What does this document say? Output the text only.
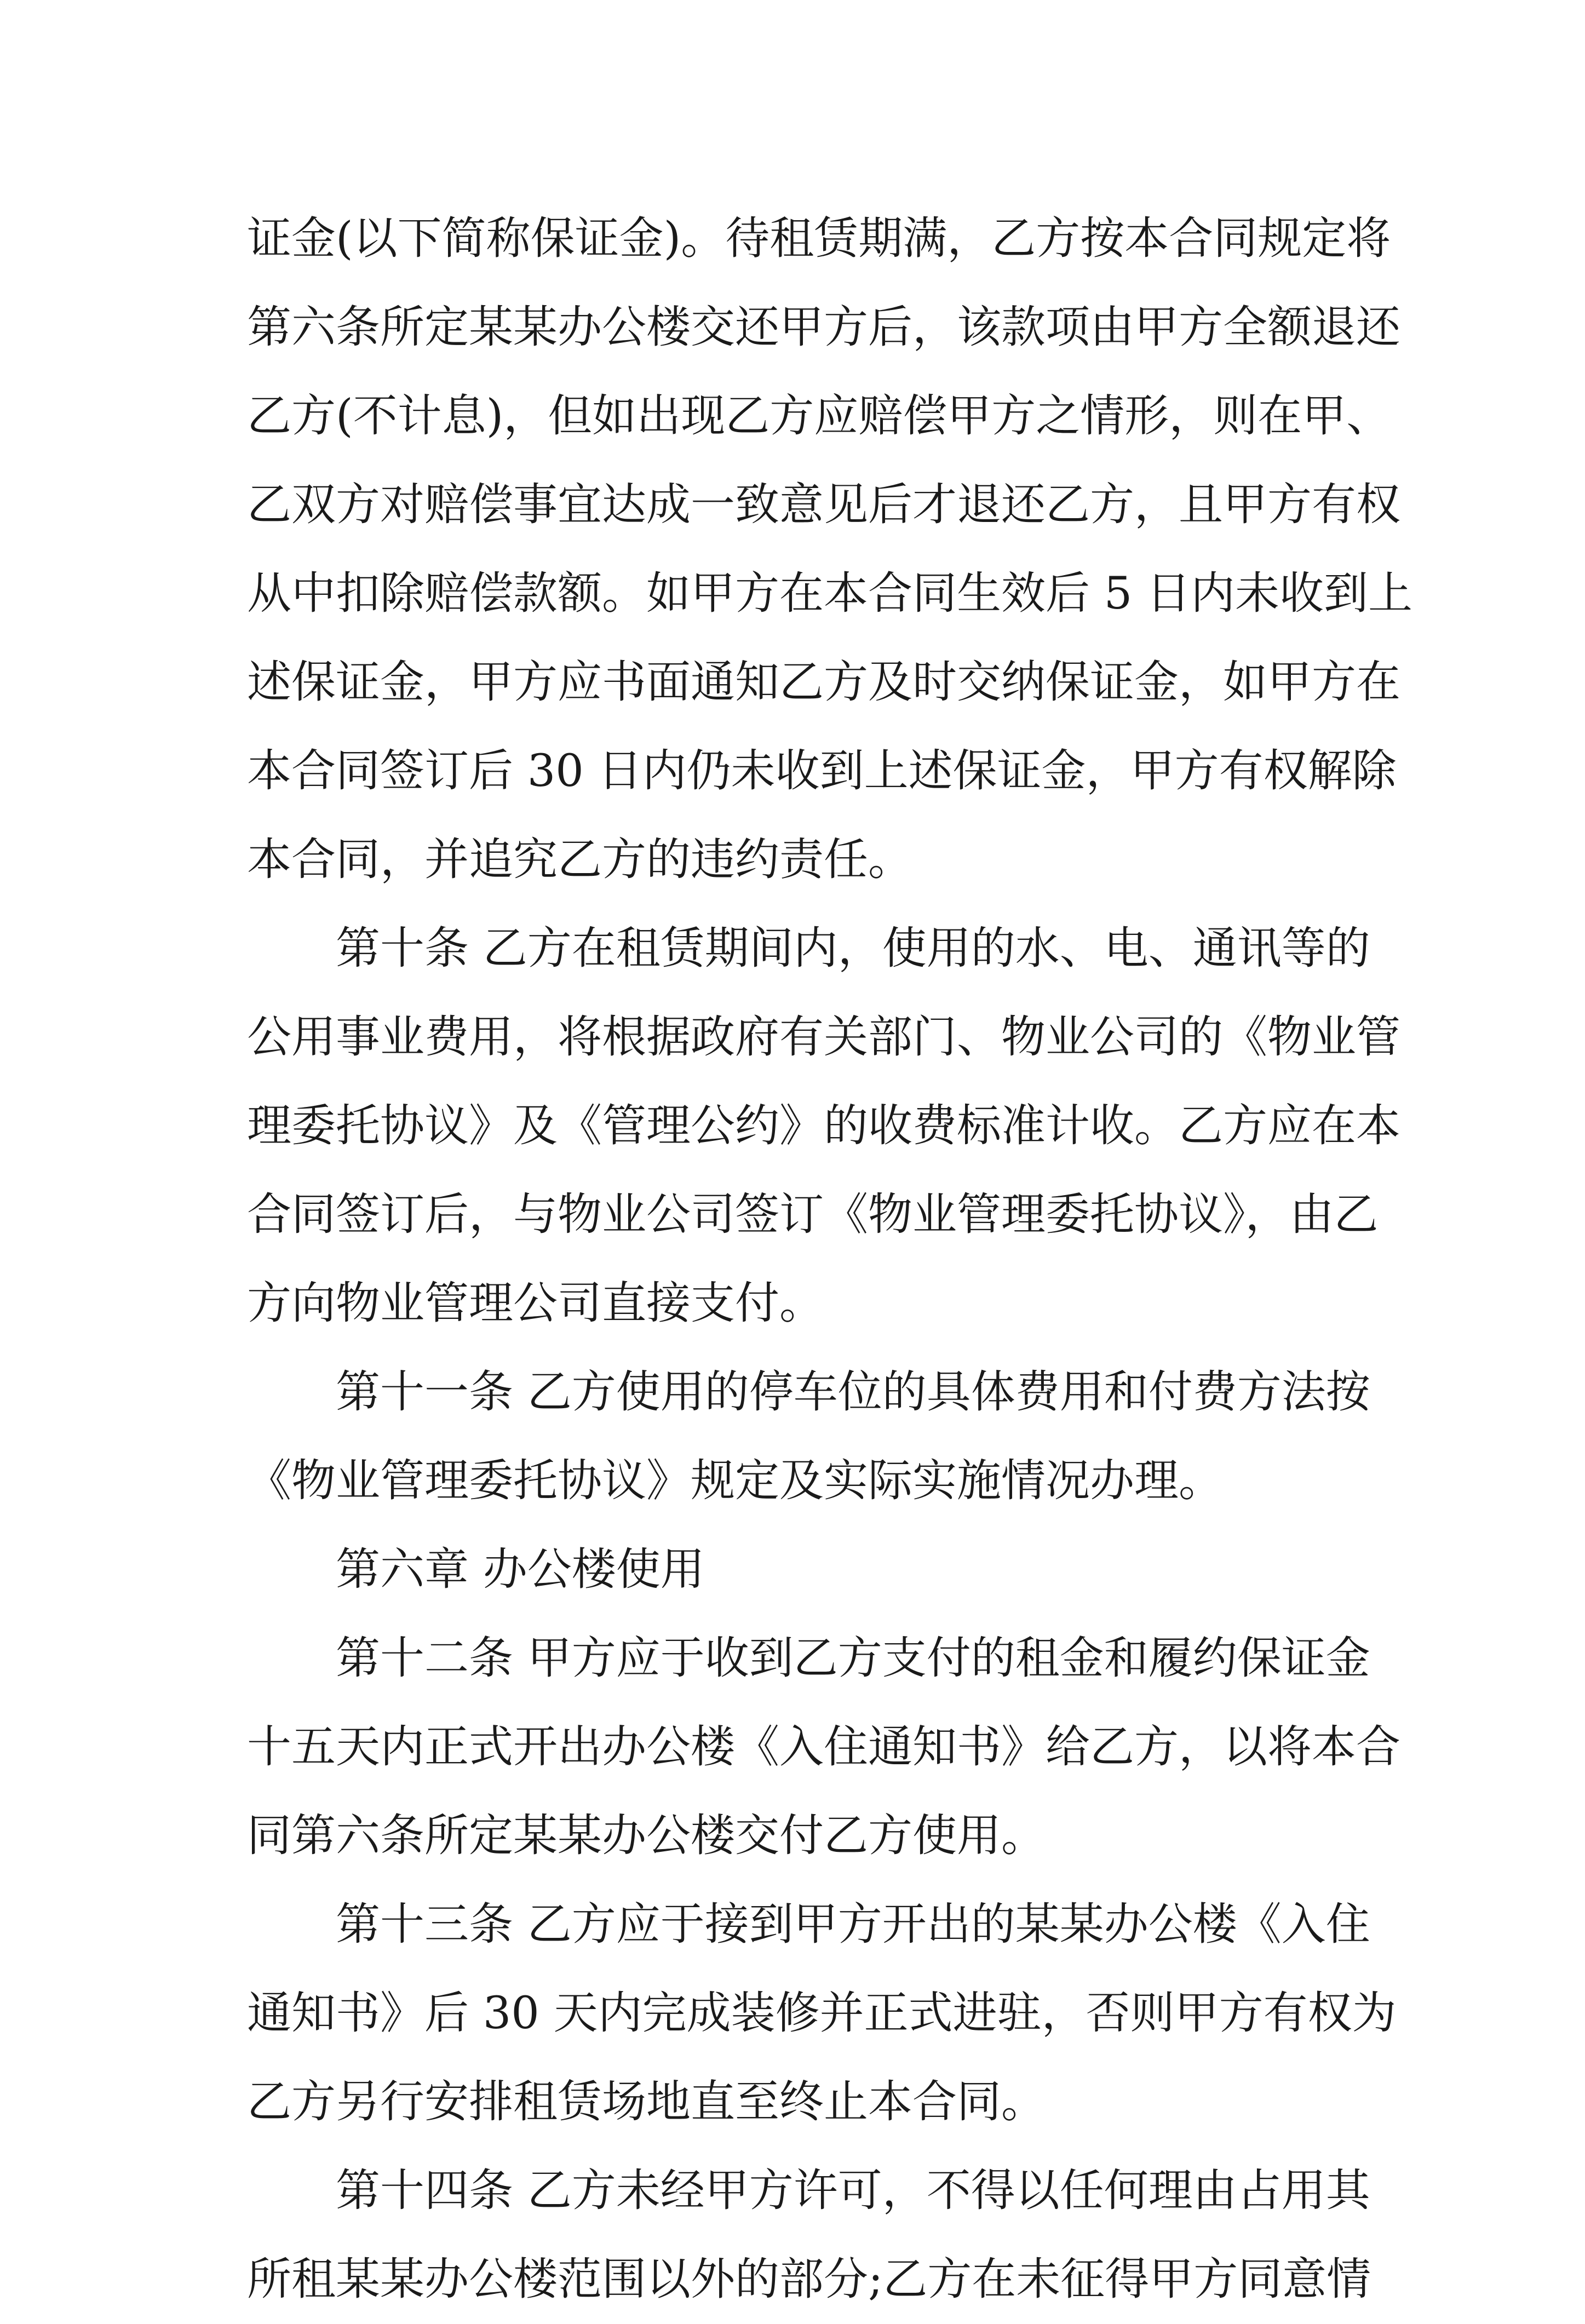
证金(以下简称保证金)。待租赁期满，乙方按本合同规定将
第六条所定某某办公楼交还甲方后，该款项由甲方全额退还
乙方(不计息)，但如出现乙方应赔偿甲方之情形，则在甲、
乙双方对赔偿事宜达成一致意见后才退还乙方，且甲方有权
从中扣除赔偿款额。如甲方在本合同生效后 5 日内未收到上
述保证金，甲方应书面通知乙方及时交纳保证金，如甲方在
本合同签订后 30 日内仍未收到上述保证金，甲方有权解除
本合同，并追究乙方的违约责任。
第十条 乙方在租赁期间内，使用的水、电、通讯等的
公用事业费用，将根据政府有关部门、物业公司的《物业管
理委托协议》及《管理公约》的收费标准计收。乙方应在本
合同签订后，与物业公司签订《物业管理委托协议》，由乙
方向物业管理公司直接支付。
第十一条 乙方使用的停车位的具体费用和付费方法按
《物业管理委托协议》规定及实际实施情况办理。
第六章 办公楼使用
第十二条 甲方应于收到乙方支付的租金和履约保证金
十五天内正式开出办公楼《入住通知书》给乙方，以将本合
同第六条所定某某办公楼交付乙方使用。
第十三条 乙方应于接到甲方开出的某某办公楼《入住
通知书》后 30 天内完成装修并正式进驻，否则甲方有权为
乙方另行安排租赁场地直至终止本合同。
第十四条 乙方未经甲方许可，不得以任何理由占用其
所租某某办公楼范围以外的部分;乙方在未征得甲方同意情
